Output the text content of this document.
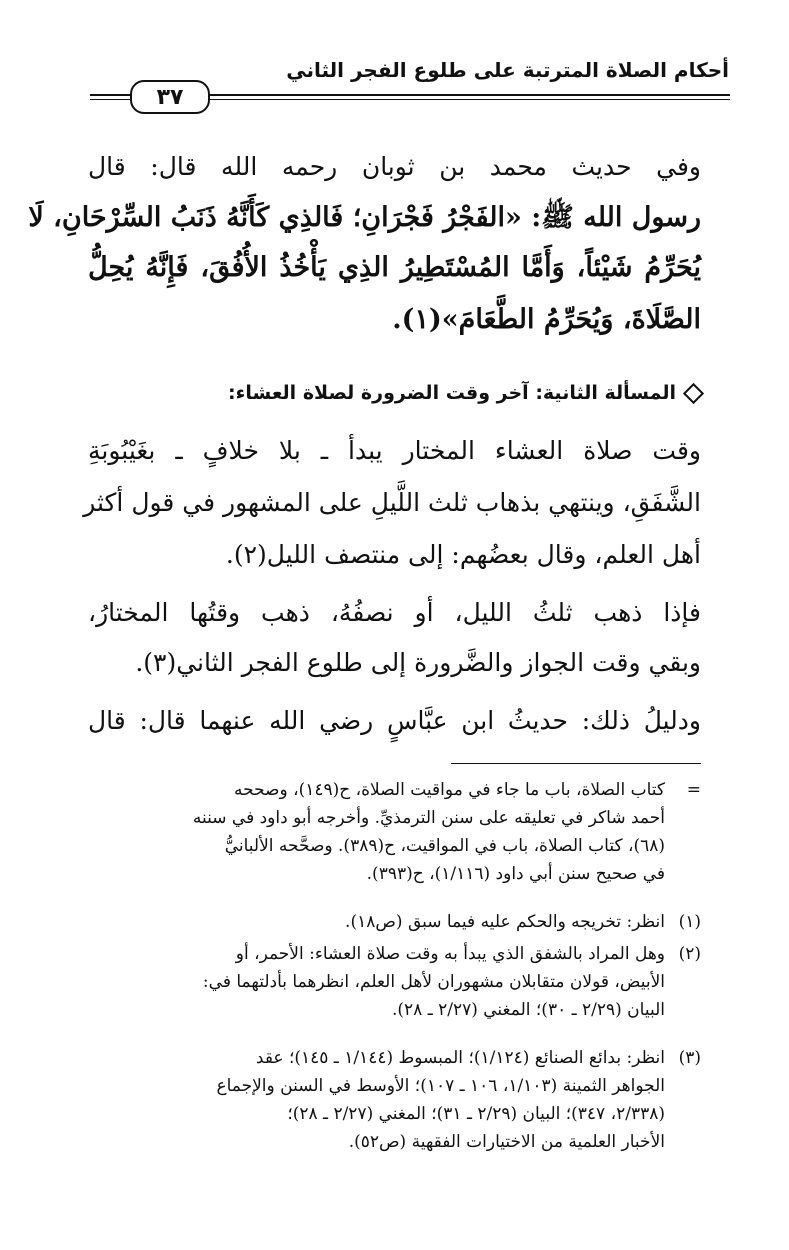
أحكام الصلاة المترتبة على طلوع الفجر الثاني
٣٧
وفي حديث محمد بن ثوبان رحمه الله قال: قال
رسول الله ﷺ: «الفَجْرُ فَجْرَانِ؛ فَالذِي كَأَنَّهُ ذَنَبُ السِّرْحَانِ، لَا
يُحَرِّمُ شَيْئاً، وَأَمَّا المُسْتَطِيرُ الذِي يَأْخُذُ الأُفُقَ، فَإِنَّهُ يُحِلُّ
الصَّلَاةَ، وَيُحَرِّمُ الطَّعَامَ»(١).
المسألة الثانية: آخر وقت الضرورة لصلاة العشاء:
وقت صلاة العشاء المختار يبدأ ـ بلا خلافٍ ـ بغَيْبُوبَةِ
الشَّفَقِ، وينتهي بذهاب ثلث اللَّيلِ على المشهور في قول أكثر
أهل العلم، وقال بعضُهم: إلى منتصف الليل(٢).
فإذا ذهب ثلثُ الليل، أو نصفُهُ، ذهب وقتُها المختارُ،
وبقي وقت الجواز والضَّرورة إلى طلوع الفجر الثاني(٣).
ودليلُ ذلك: حديثُ ابن عبَّاسٍ رضي الله عنهما قال: قال
=
كتاب الصلاة، باب ما جاء في مواقيت الصلاة، ح(١٤٩)، وصححه
أحمد شاكر في تعليقه على سنن الترمذيِّ. وأخرجه أبو داود في سننه
(٦٨)، كتاب الصلاة، باب في المواقيت، ح(٣٨٩). وصحَّحه الألبانيُّ
في صحيح سنن أبي داود (١/١١٦)، ح(٣٩٣).
(١)
انظر: تخريجه والحكم عليه فيما سبق (ص١٨).
(٢)
وهل المراد بالشفق الذي يبدأ به وقت صلاة العشاء: الأحمر، أو
الأبيض، قولان متقابلان مشهوران لأهل العلم، انظرهما بأدلتهما في:
البيان (٢/٢٩ ـ ٣٠)؛ المغني (٢/٢٧ ـ ٢٨).
(٣)
انظر: بدائع الصنائع (١/١٢٤)؛ المبسوط (١/١٤٤ ـ ١٤٥)؛ عقد
الجواهر الثمينة (١/١٠٣، ١٠٦ ـ ١٠٧)؛ الأوسط في السنن والإجماع
(٢/٣٣٨، ٣٤٧)؛ البيان (٢/٢٩ ـ ٣١)؛ المغني (٢/٢٧ ـ ٢٨)؛
الأخبار العلمية من الاختيارات الفقهية (ص٥٢).
